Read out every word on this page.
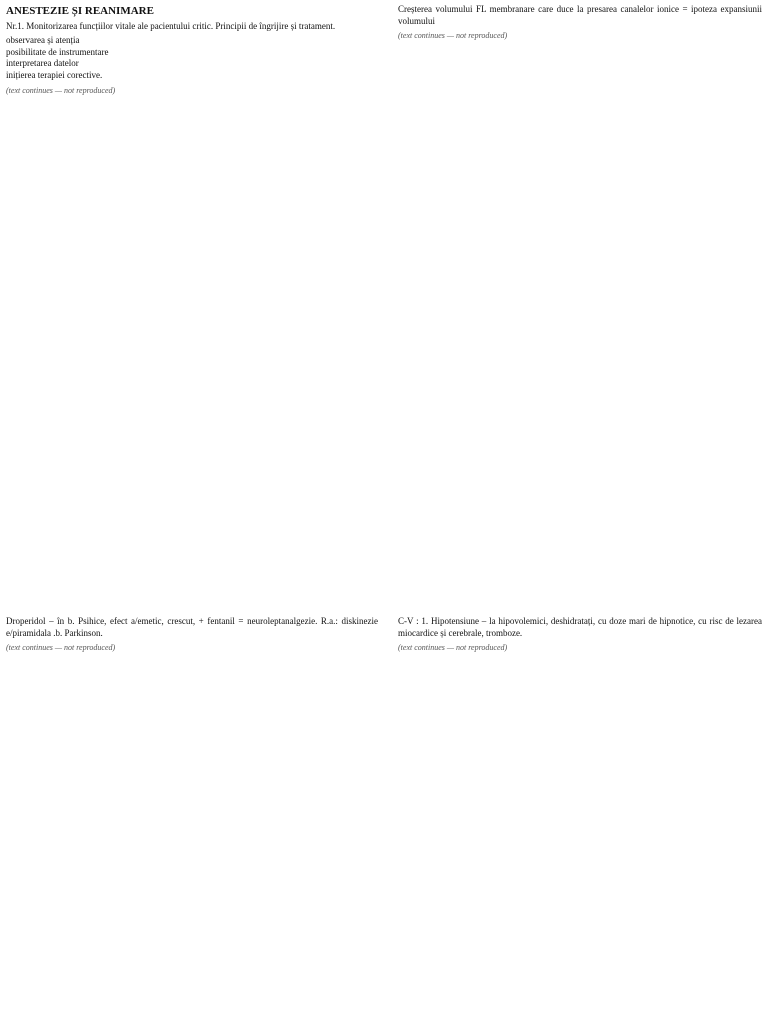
ANESTEZIE ȘI REANIMARE

Nr.1. Monitorizarea funcțiilor vitale ale pacientului critic. Principii de îngrijire și tratament.

observarea și atenția
posibilitate de instrumentare
interpretarea datelor
inițierea terapiei corective.
(text continues — not reproduced)

Creșterea volumului FL membranare care duce la presarea canalelor ionice = ipoteza expansiunii volumului

(text continues — not reproduced)

Droperidol – în b. Psihice, efect a/emetic, crescut, + fentanil = neuroleptanalgezie. R.a.: diskinezie e/piramidala .b. Parkinson.

(text continues — not reproduced)

C-V : 1. Hipotensiune – la hipovolemici, deshidratați, cu doze mari de hipnotice, cu risc de lezarea miocardice și cerebrale, tromboze.

(text continues — not reproduced)
